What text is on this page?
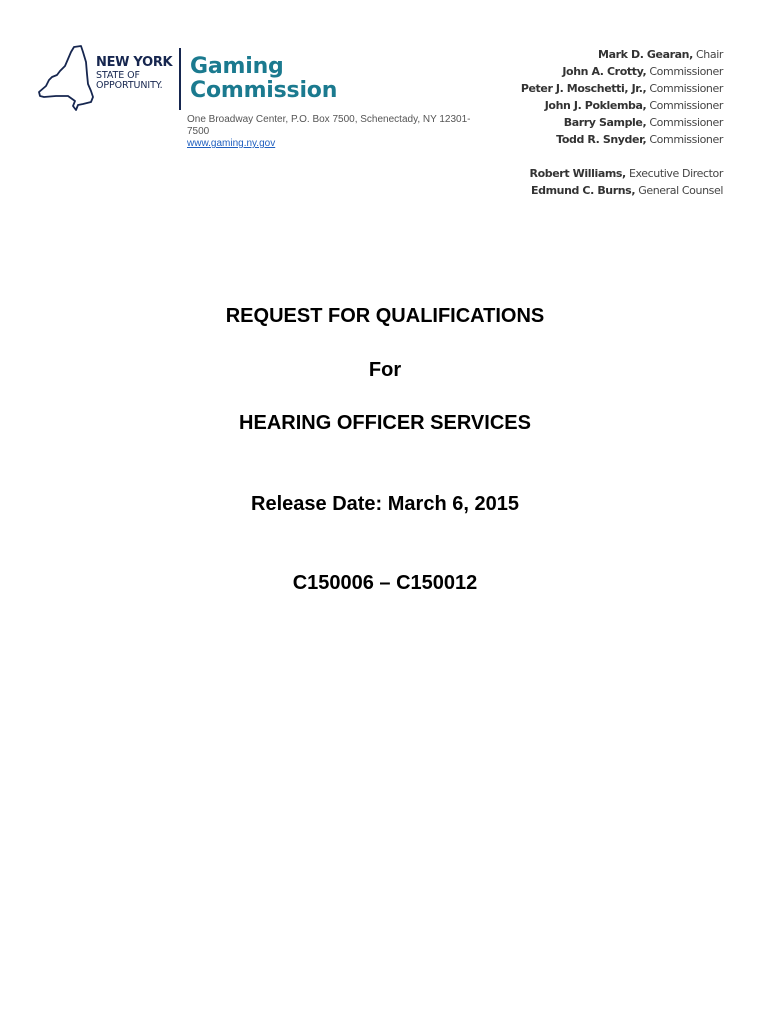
NEW YORK
STATE OF
OPPORTUNITY.
Gaming
Commission
One Broadway Center, P.O. Box 7500, Schenectady, NY 12301-7500
www.gaming.ny.gov
Mark D. Gearan, Chair
John A. Crotty, Commissioner
Peter J. Moschetti, Jr., Commissioner
John J. Poklemba, Commissioner
Barry Sample, Commissioner
Todd R. Snyder, Commissioner
Robert Williams, Executive Director
Edmund C. Burns, General Counsel
REQUEST FOR QUALIFICATIONS
For
HEARING OFFICER SERVICES
Release Date: March 6, 2015
C150006 – C150012
